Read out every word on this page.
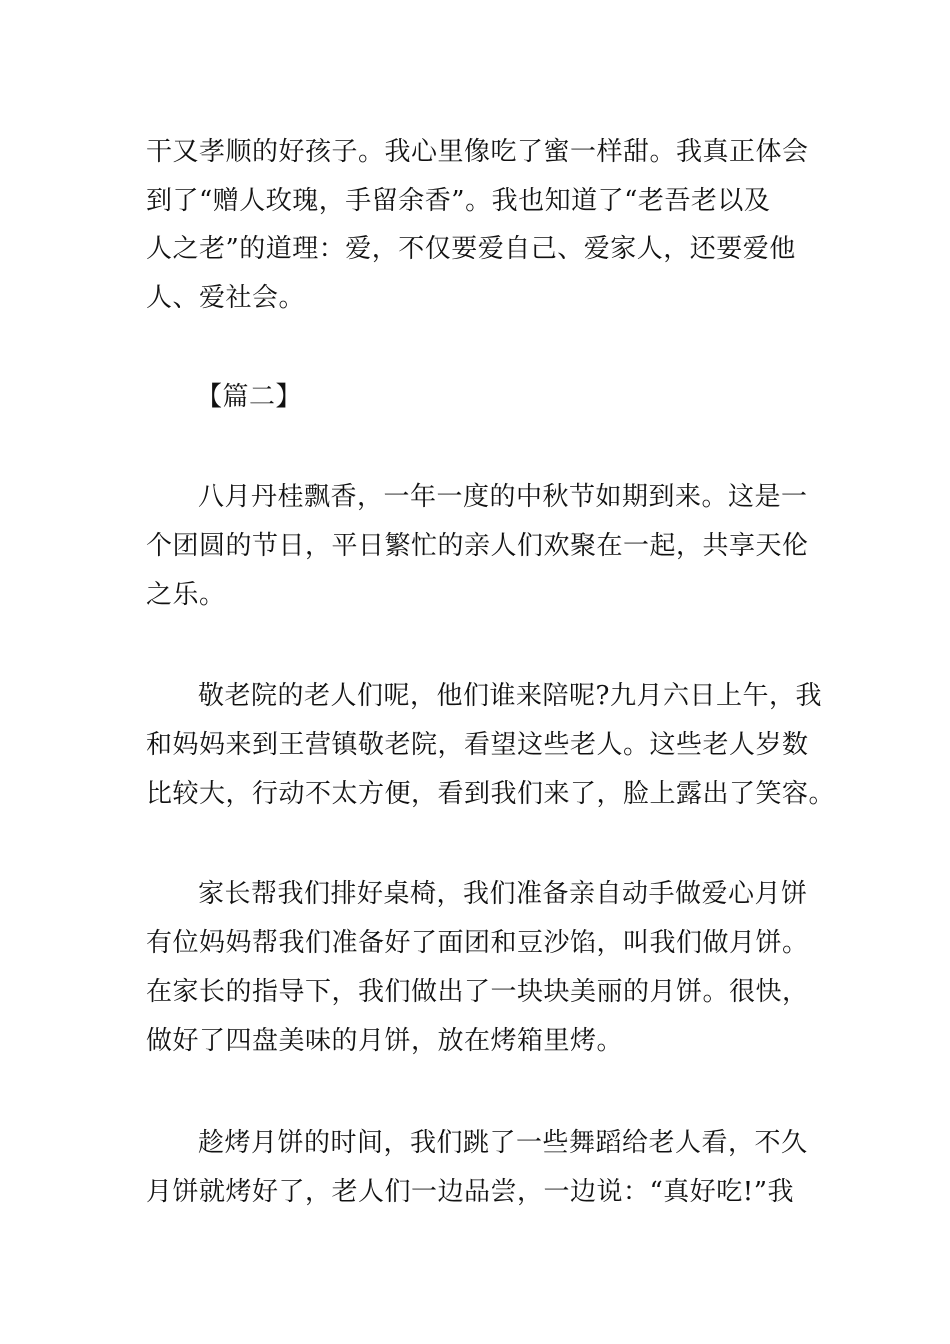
干又孝顺的好孩子。我心里像吃了蜜一样甜。我真正体会
到了“赠人玫瑰，手留余香”。我也知道了“老吾老以及
人之老”的道理：爱，不仅要爱自己、爱家人，还要爱他
人、爱社会。
【篇二】
八月丹桂飘香，一年一度的中秋节如期到来。这是一
个团圆的节日，平日繁忙的亲人们欢聚在一起，共享天伦
之乐。
敬老院的老人们呢，他们谁来陪呢?九月六日上午，我
和妈妈来到王营镇敬老院，看望这些老人。这些老人岁数
比较大，行动不太方便，看到我们来了，脸上露出了笑容。
家长帮我们排好桌椅，我们准备亲自动手做爱心月饼
有位妈妈帮我们准备好了面团和豆沙馅，叫我们做月饼。
在家长的指导下，我们做出了一块块美丽的月饼。很快，
做好了四盘美味的月饼，放在烤箱里烤。
趁烤月饼的时间，我们跳了一些舞蹈给老人看，不久
月饼就烤好了，老人们一边品尝，一边说：“真好吃!”我
